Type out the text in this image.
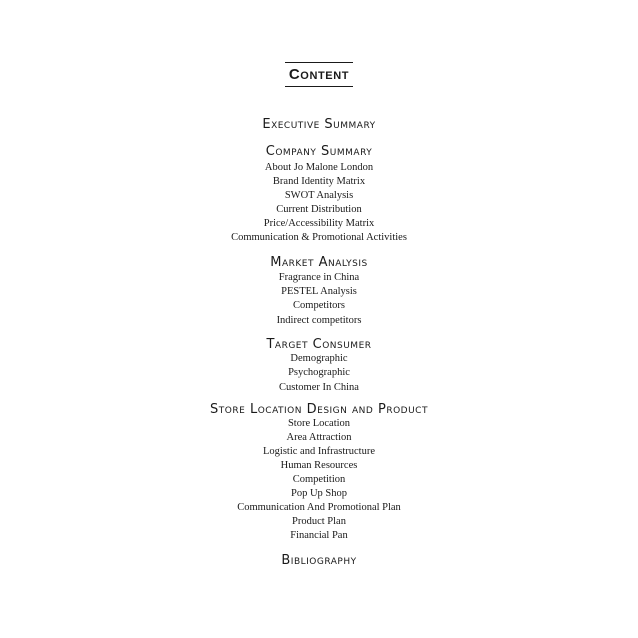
Content
Executive Summary
Company Summary
About Jo Malone London
Brand Identity Matrix
SWOT Analysis
Current Distribution
Price/Accessibility Matrix
Communication & Promotional Activities
Market Analysis
Fragrance in China
PESTEL Analysis
Competitors
Indirect competitors
Target Consumer
Demographic
Psychographic
Customer In China
Store Location Design and Product
Store Location
Area Attraction
Logistic and Infrastructure
Human Resources
Competition
Pop Up Shop
Communication And Promotional Plan
Product Plan
Financial Pan
Bibliography
